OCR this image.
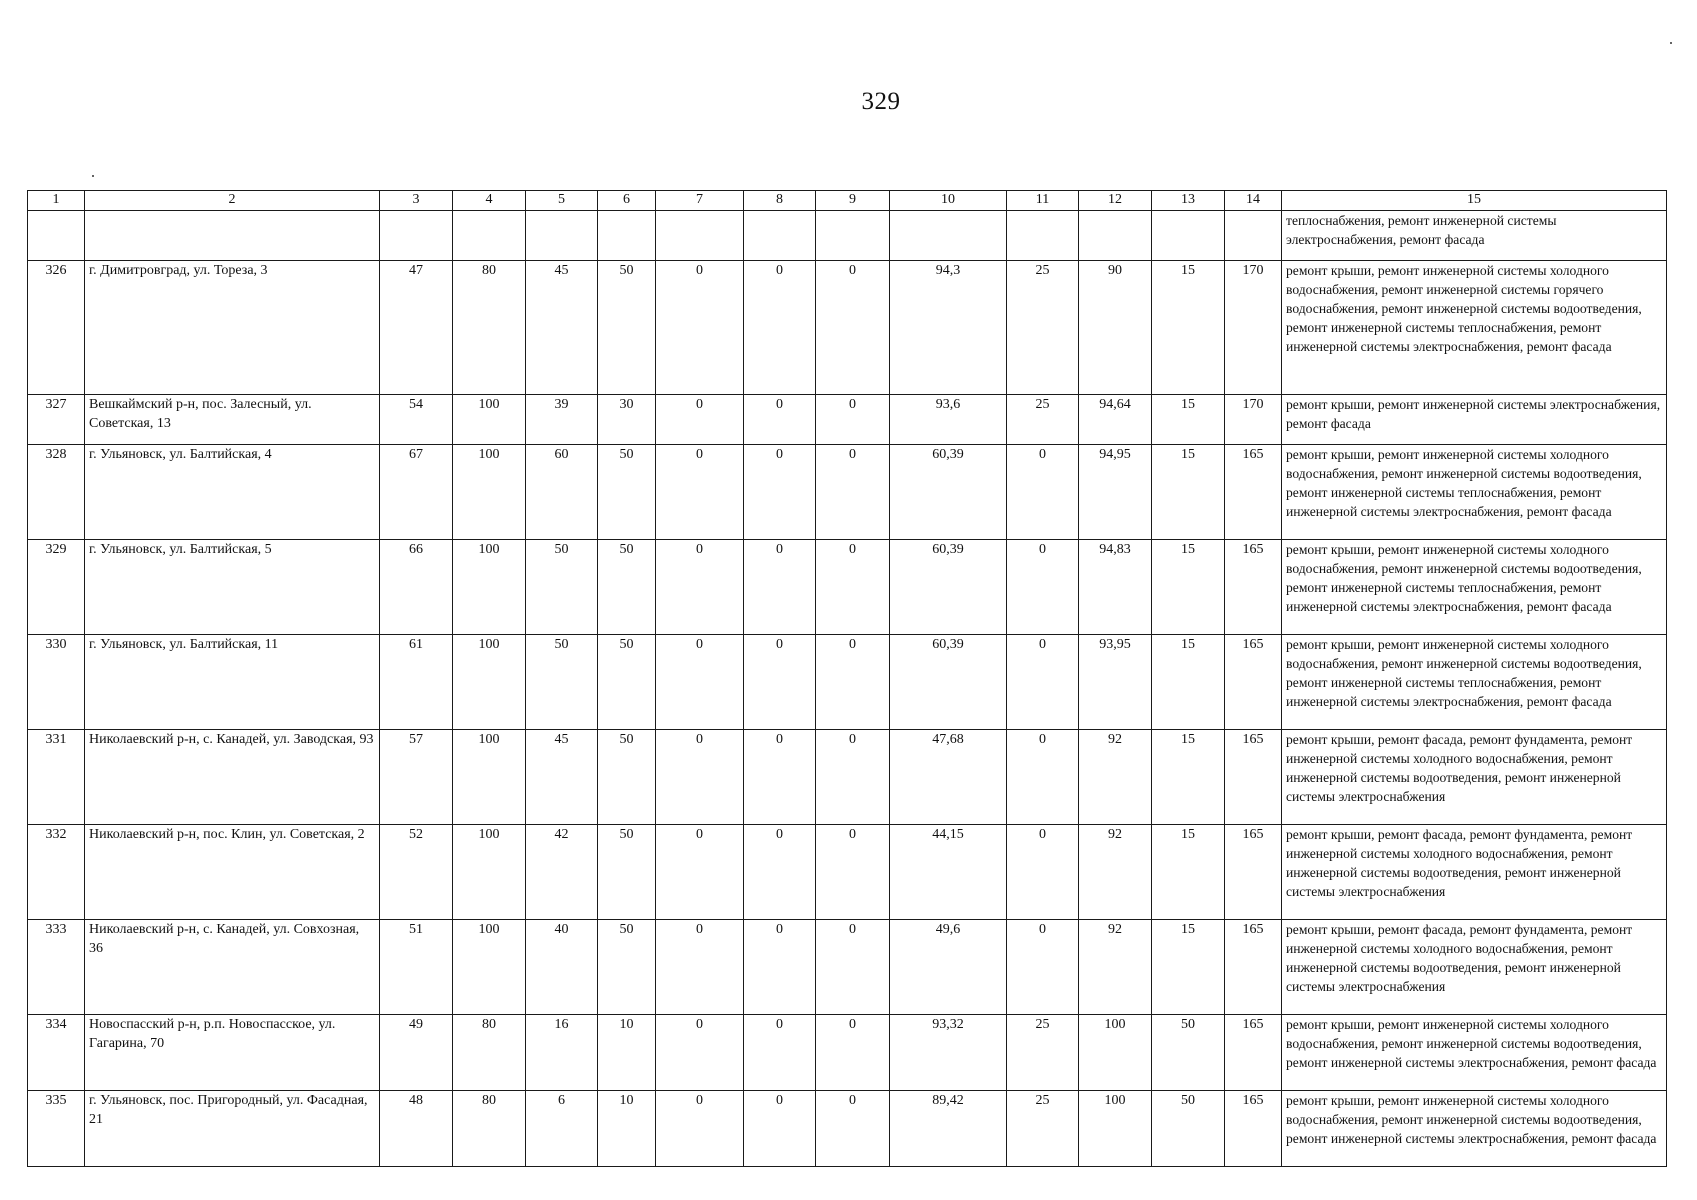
329
1	2	3	4	5	6	7	8	9	10	11	12	13	14	15
														теплоснабжения, ремонт инженерной системы электроснабжения, ремонт фасада
326	г. Димитровград, ул. Тореза, 3	47	80	45	50	0	0	0	94,3	25	90	15	170	ремонт крыши, ремонт инженерной системы холодного водоснабжения, ремонт инженерной системы горячего водоснабжения, ремонт инженерной системы водоотведения, ремонт инженерной системы теплоснабжения, ремонт инженерной системы электроснабжения, ремонт фасада
327	Вешкаймский р-н, пос. Залесный, ул. Советская, 13	54	100	39	30	0	0	0	93,6	25	94,64	15	170	ремонт крыши, ремонт инженерной системы электроснабжения, ремонт фасада
328	г. Ульяновск, ул. Балтийская, 4	67	100	60	50	0	0	0	60,39	0	94,95	15	165	ремонт крыши, ремонт инженерной системы холодного водоснабжения, ремонт инженерной системы водоотведения, ремонт инженерной системы теплоснабжения, ремонт инженерной системы электроснабжения, ремонт фасада
329	г. Ульяновск, ул. Балтийская, 5	66	100	50	50	0	0	0	60,39	0	94,83	15	165	ремонт крыши, ремонт инженерной системы холодного водоснабжения, ремонт инженерной системы водоотведения, ремонт инженерной системы теплоснабжения, ремонт инженерной системы электроснабжения, ремонт фасада
330	г. Ульяновск, ул. Балтийская, 11	61	100	50	50	0	0	0	60,39	0	93,95	15	165	ремонт крыши, ремонт инженерной системы холодного водоснабжения, ремонт инженерной системы водоотведения, ремонт инженерной системы теплоснабжения, ремонт инженерной системы электроснабжения, ремонт фасада
331	Николаевский р-н, с. Канадей, ул. Заводская, 93	57	100	45	50	0	0	0	47,68	0	92	15	165	ремонт крыши, ремонт фасада, ремонт фундамента, ремонт инженерной системы холодного водоснабжения, ремонт инженерной системы водоотведения, ремонт инженерной системы электроснабжения
332	Николаевский р-н, пос. Клин, ул. Советская, 2	52	100	42	50	0	0	0	44,15	0	92	15	165	ремонт крыши, ремонт фасада, ремонт фундамента, ремонт инженерной системы холодного водоснабжения, ремонт инженерной системы водоотведения, ремонт инженерной системы электроснабжения
333	Николаевский р-н, с. Канадей, ул. Совхозная, 36	51	100	40	50	0	0	0	49,6	0	92	15	165	ремонт крыши, ремонт фасада, ремонт фундамента, ремонт инженерной системы холодного водоснабжения, ремонт инженерной системы водоотведения, ремонт инженерной системы электроснабжения
334	Новоспасский р-н, р.п. Новоспасское, ул. Гагарина, 70	49	80	16	10	0	0	0	93,32	25	100	50	165	ремонт крыши, ремонт инженерной системы холодного водоснабжения, ремонт инженерной системы водоотведения, ремонт инженерной системы электроснабжения, ремонт фасада
335	г. Ульяновск, пос. Пригородный, ул. Фасадная, 21	48	80	6	10	0	0	0	89,42	25	100	50	165	ремонт крыши, ремонт инженерной системы холодного водоснабжения, ремонт инженерной системы водоотведения, ремонт инженерной системы электроснабжения, ремонт фасада
